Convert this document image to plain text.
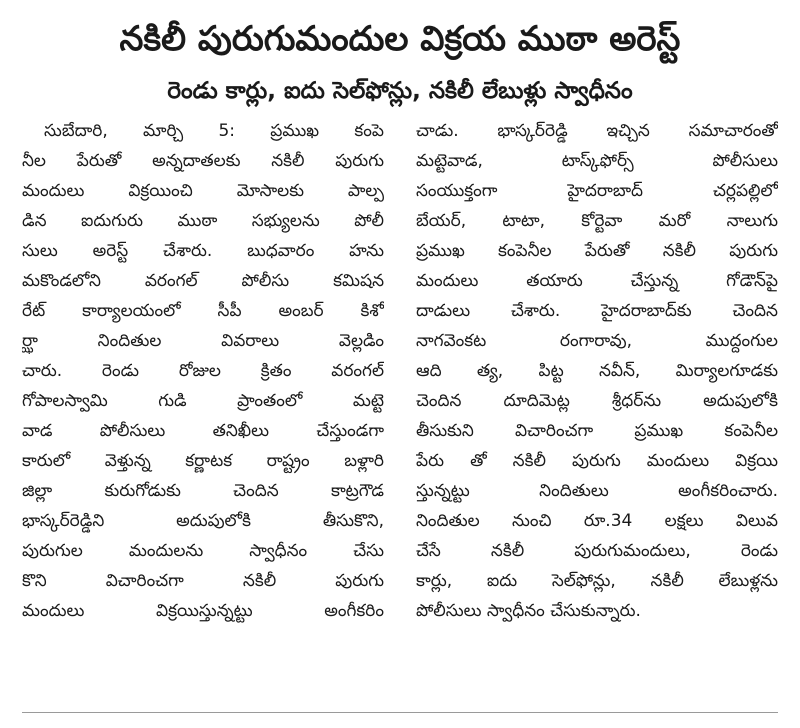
నకిలీ పురుగుమందుల విక్రయ ముఠా అరెస్ట్
రెండు కార్లు, ఐదు సెల్‌ఫోన్లు, నకిలీ లేబుళ్లు స్వాధీనం
సుబేదారి, మార్చి 5: ప్రముఖ కంపె
నీల పేరుతో అన్నదాతలకు నకిలీ పురుగు
మందులు విక్రయించి మోసాలకు పాల్ప
డిన ఐదుగురు ముఠా సభ్యులను పోలీ
సులు అరెస్ట్ చేశారు. బుధవారం హను
మకొండలోని వరంగల్ పోలీసు కమిషన
రేట్ కార్యాలయంలో సీపీ అంబర్ కిశో
ర్ఝా నిందితుల వివరాలు వెల్లడిం
చారు. రెండు రోజుల క్రితం వరంగల్
గోపాలస్వామి గుడి ప్రాంతంలో మట్టె
వాడ పోలీసులు తనిఖీలు చేస్తుండగా
కారులో వెళ్తున్న కర్ణాటక రాష్ట్రం బళ్లారి
జిల్లా కురుగోడుకు చెందిన కాట్రగౌడ
భాస్కర్‌రెడ్డిని అదుపులోకి తీసుకొని,
పురుగుల మందులను స్వాధీనం చేసు
కొని విచారించగా నకిలీ పురుగు
మందులు విక్రయిస్తున్నట్టు అంగీకరిం
చాడు. భాస్కర్‌రెడ్డి ఇచ్చిన సమాచారంతో
మట్టెవాడ, టాస్క్‌ఫోర్స్ పోలీసులు
సంయుక్తంగా హైదరాబాద్ చర్లపల్లిలో
బేయర్, టాటా, కోర్టెవా మరో నాలుగు
ప్రముఖ కంపెనీల పేరుతో నకిలీ పురుగు
మందులు తయారు చేస్తున్న గోడౌన్‌పై
దాడులు చేశారు. హైదరాబాద్‌కు చెందిన
నాగవెంకట రంగారావు, ముద్దంగుల
ఆది త్య, పిట్ట నవీన్, మిర్యాలగూడకు
చెందిన దూదిమెట్ల శ్రీధర్‌ను అదుపులోకి
తీసుకుని విచారించగా ప్రముఖ కంపెనీల
పేరు తో నకిలీ పురుగు మందులు విక్రయి
స్తున్నట్టు నిందితులు అంగీకరించారు.
నిందితుల నుంచి రూ.34 లక్షలు విలువ
చేసే నకిలీ పురుగుమందులు, రెండు
కార్లు, ఐదు సెల్‌ఫోన్లు, నకిలీ లేబుళ్లను
పోలీసులు స్వాధీనం చేసుకున్నారు.
